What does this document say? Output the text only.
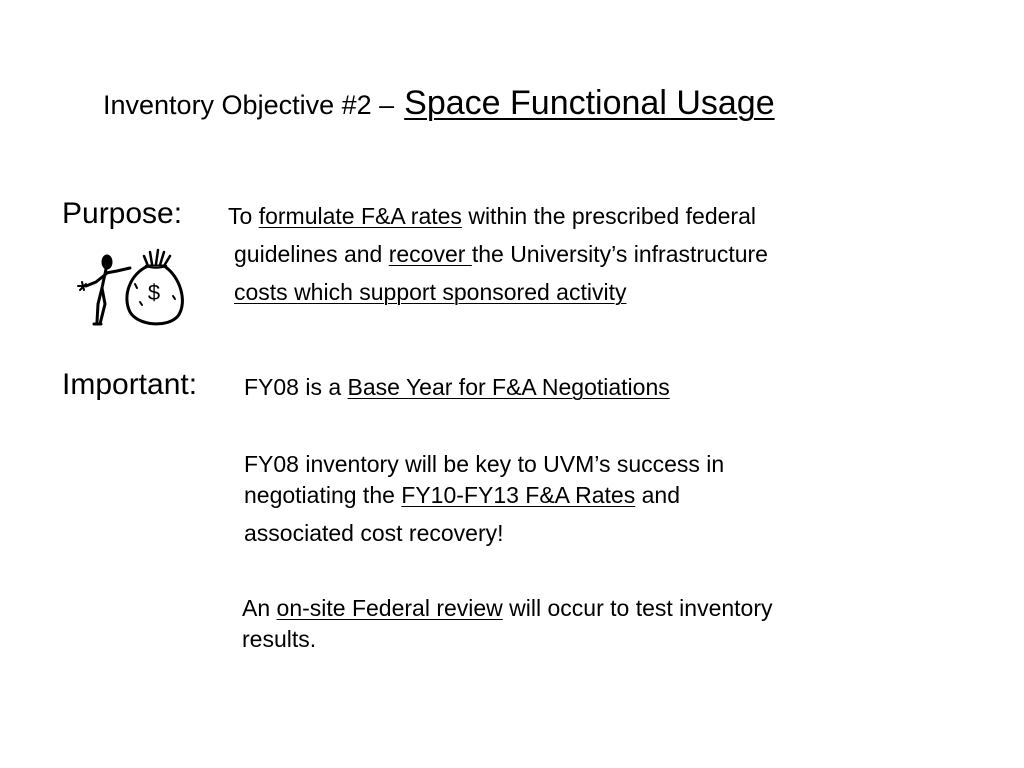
Inventory Objective #2 – Space Functional Usage
Purpose: To formulate F&A rates within the prescribed federal
guidelines and recover the University’s infrastructure
costs which support sponsored activity
$
Important: FY08 is a Base Year for F&A Negotiations
FY08 inventory will be key to UVM’s success in
negotiating the FY10-FY13 F&A Rates and
associated cost recovery!
An on-site Federal review will occur to test inventory
results.
